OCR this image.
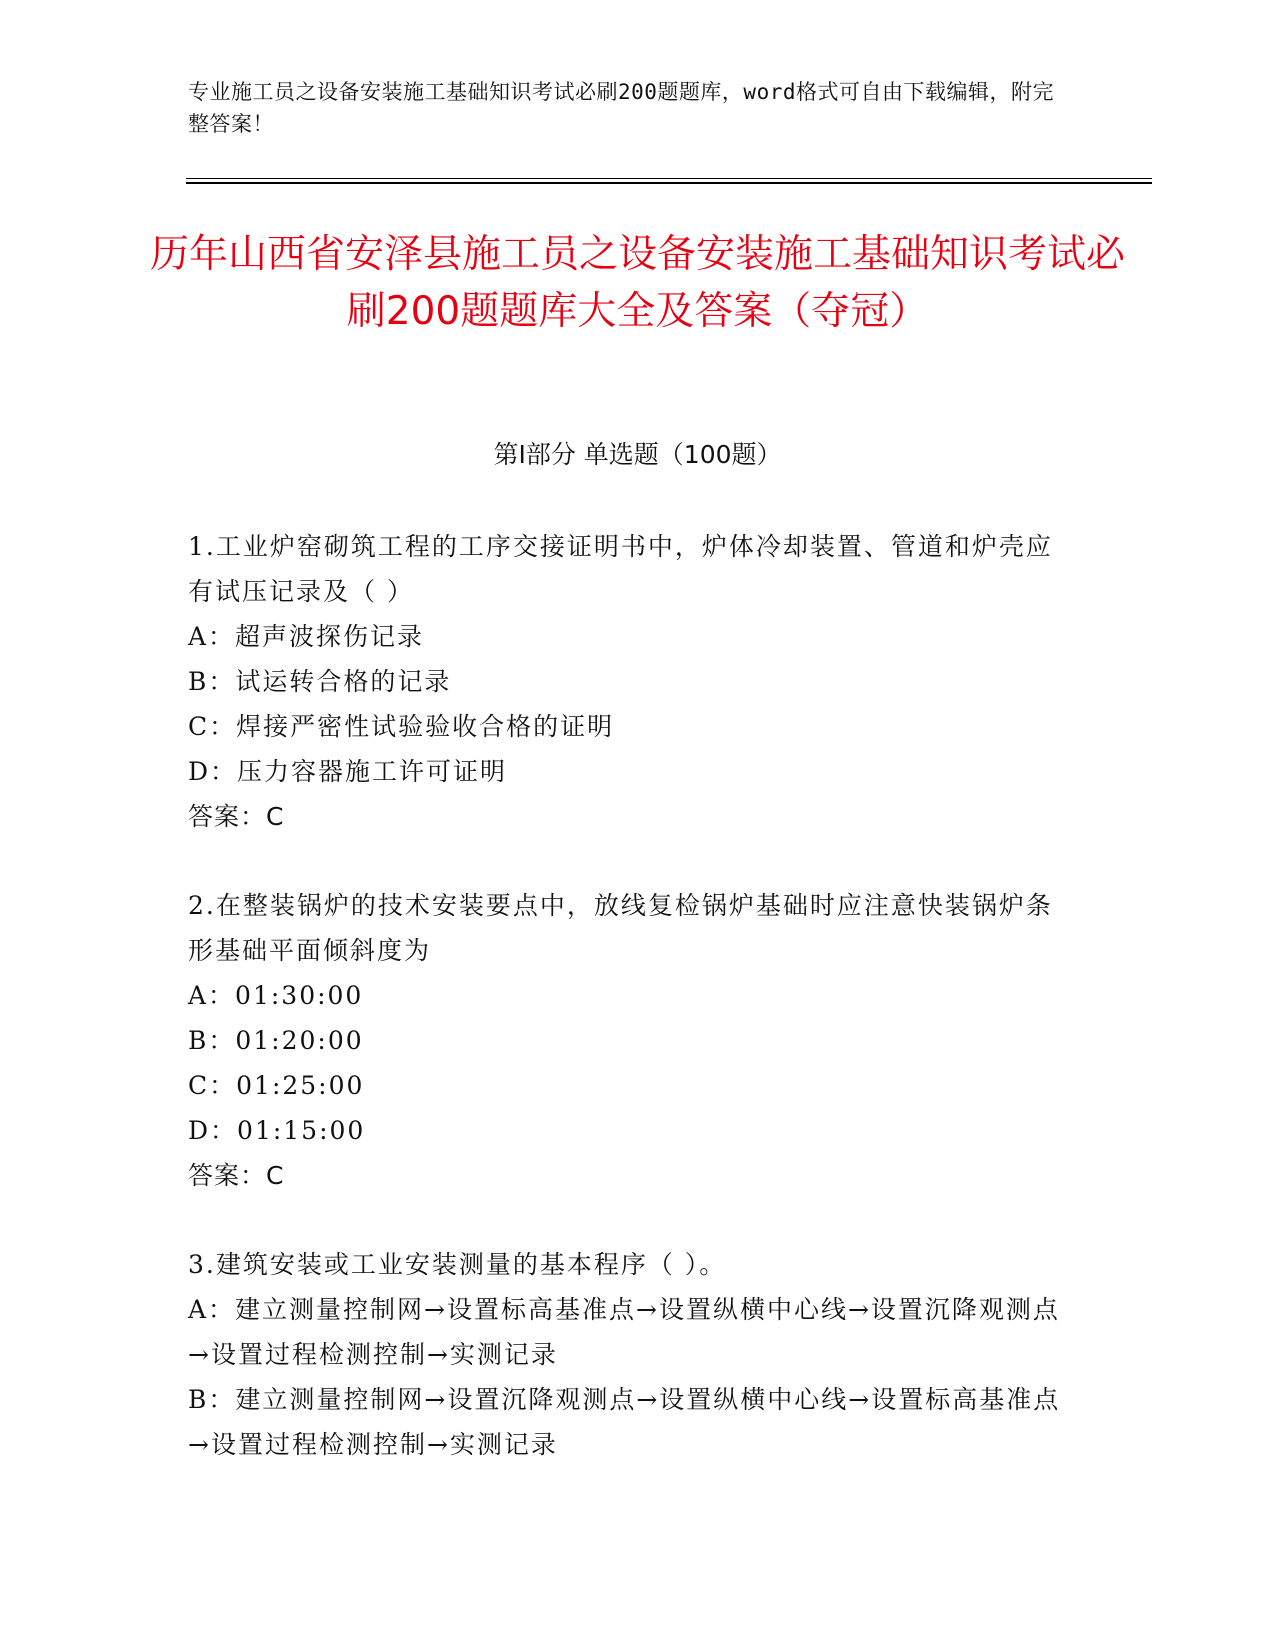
专业施工员之设备安装施工基础知识考试必刷200题题库，word格式可自由下载编辑，附完整答案！
历年山西省安泽县施工员之设备安装施工基础知识考试必刷200题题库大全及答案（夺冠）
第Ⅰ部分 单选题（100题）
1.工业炉窑砌筑工程的工序交接证明书中，炉体冷却装置、管道和炉壳应有试压记录及（ ）
A：超声波探伤记录
B：试运转合格的记录
C：焊接严密性试验验收合格的证明
D：压力容器施工许可证明
答案：C
2.在整装锅炉的技术安装要点中，放线复检锅炉基础时应注意快装锅炉条形基础平面倾斜度为
A：01:30:00
B：01:20:00
C：01:25:00
D：01:15:00
答案：C
3.建筑安装或工业安装测量的基本程序（ ）。
A：建立测量控制网→设置标高基准点→设置纵横中心线→设置沉降观测点→设置过程检测控制→实测记录
B：建立测量控制网→设置沉降观测点→设置纵横中心线→设置标高基准点→设置过程检测控制→实测记录
